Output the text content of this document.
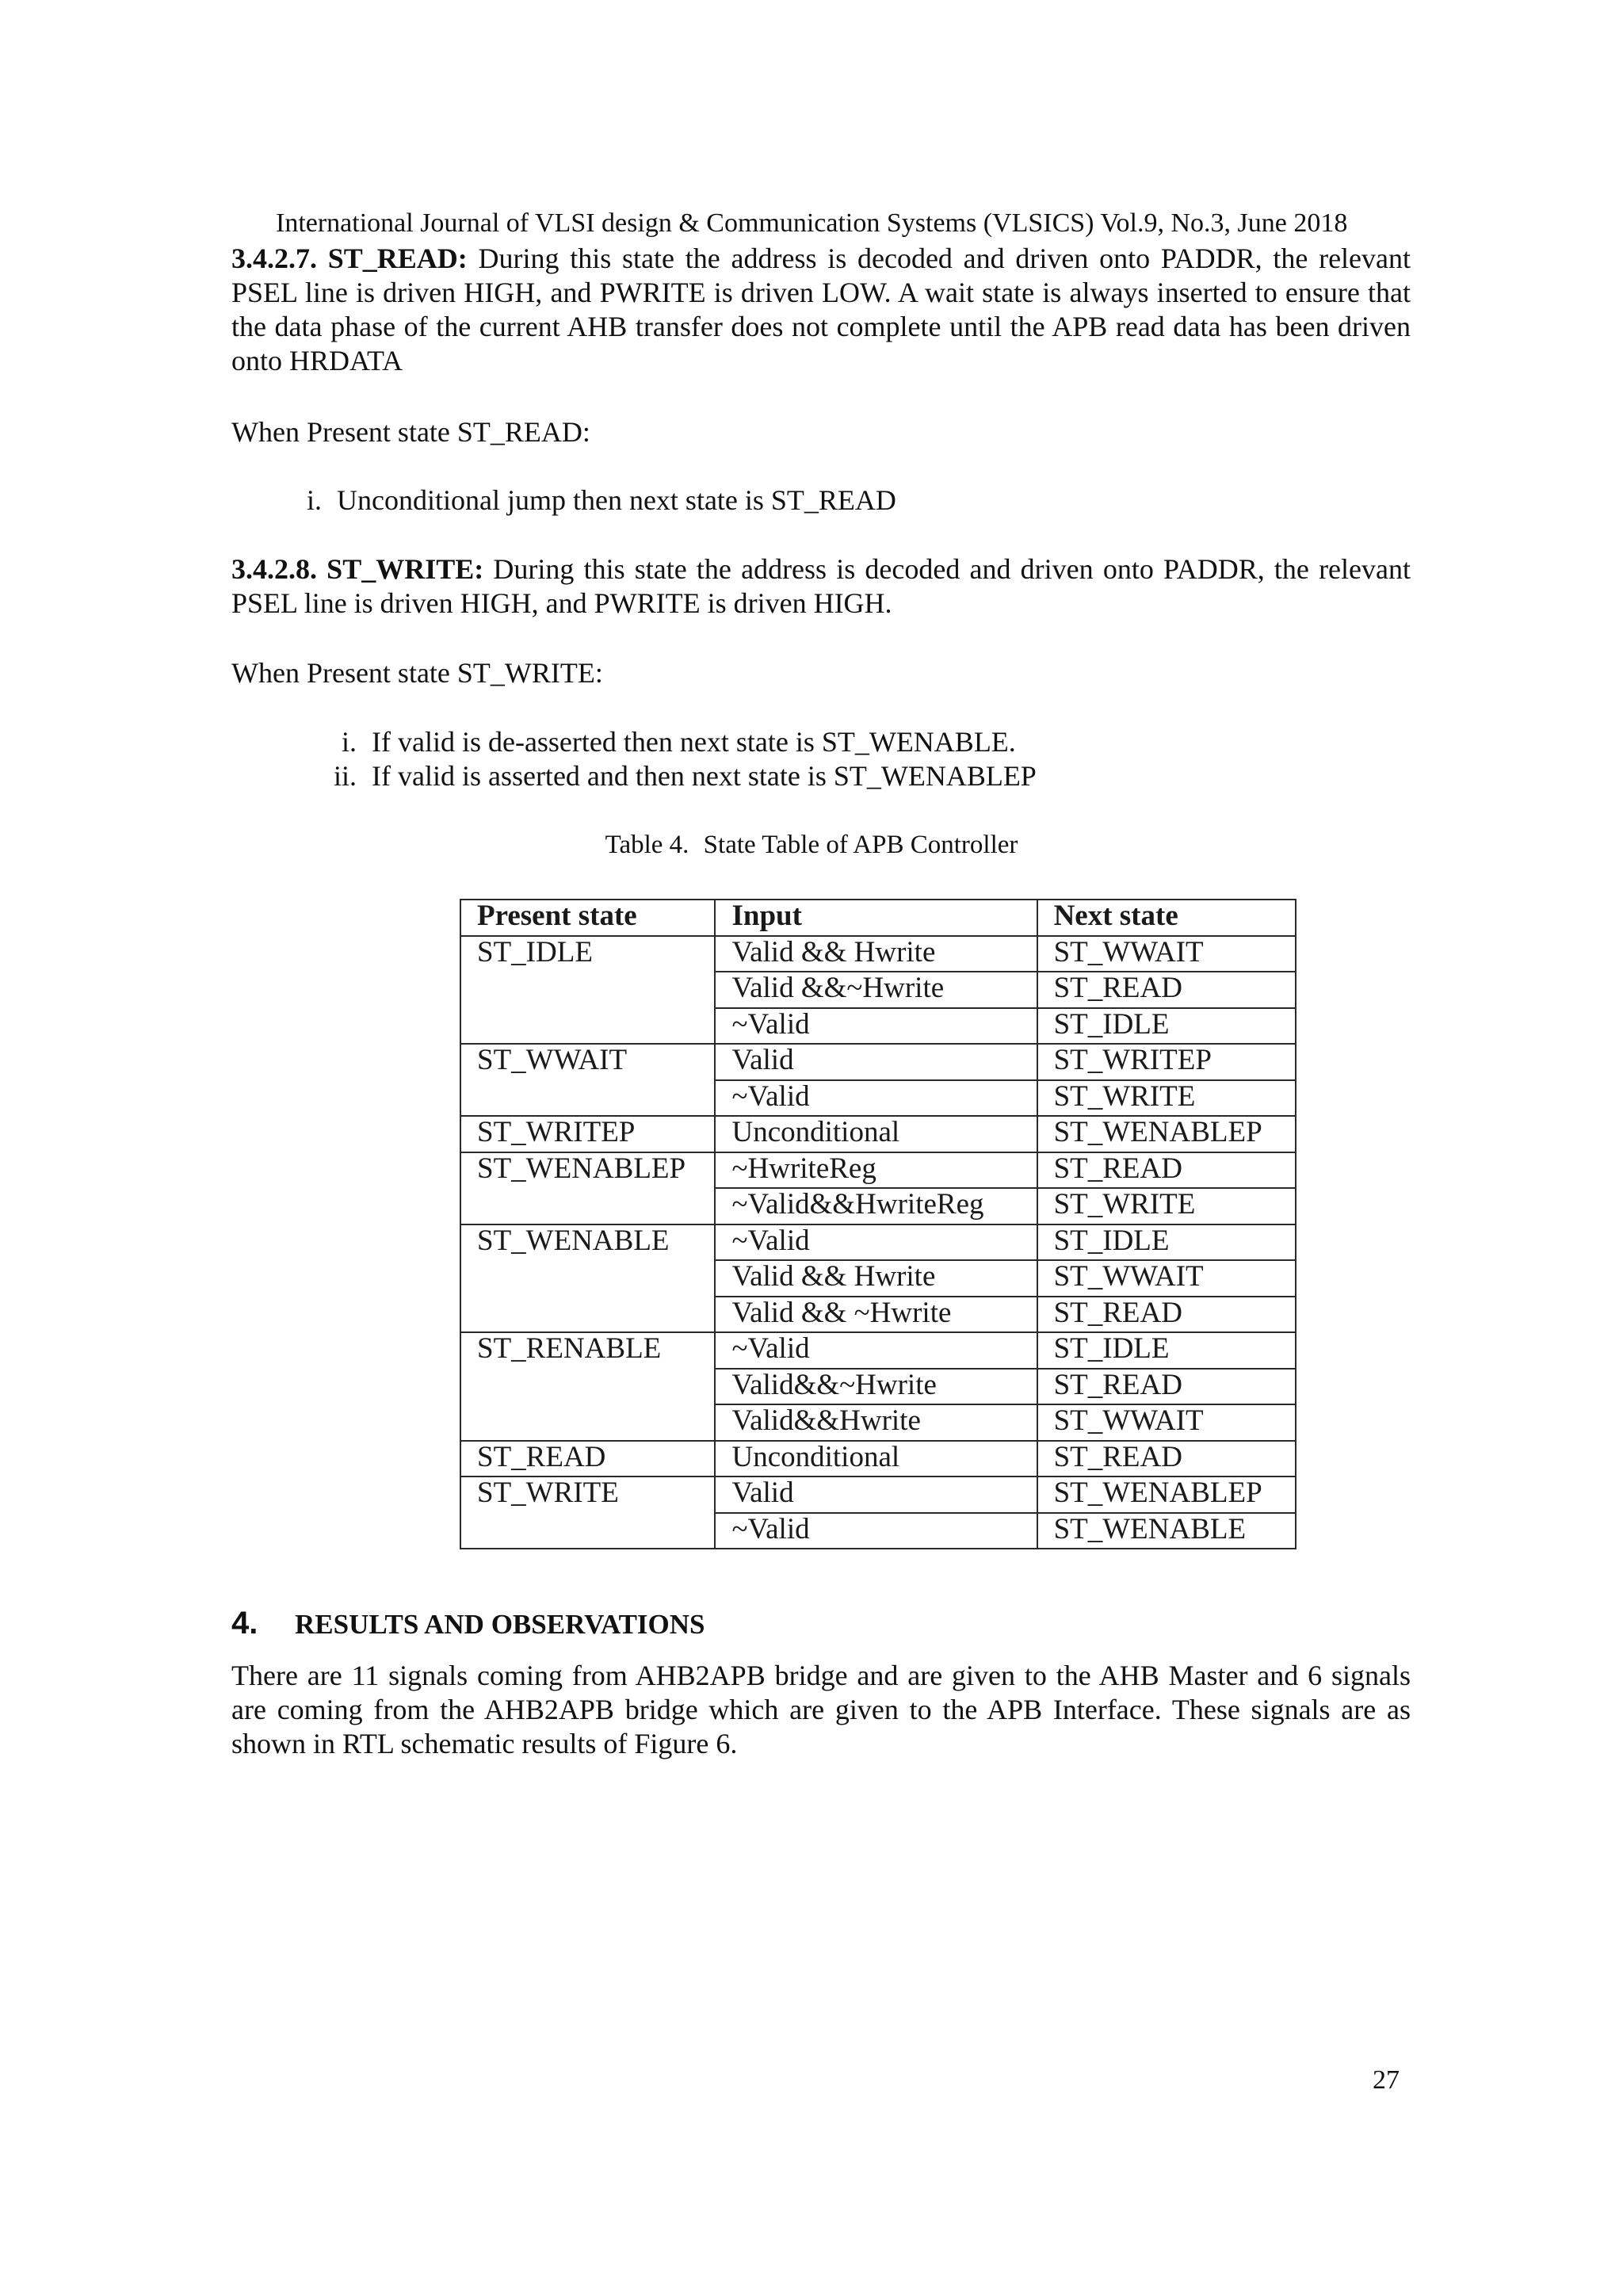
International Journal of VLSI design & Communication Systems (VLSICS) Vol.9, No.3, June 2018
3.4.2.7. ST_READ: During this state the address is decoded and driven onto PADDR, the relevant PSEL line is driven HIGH, and PWRITE is driven LOW. A wait state is always inserted to ensure that the data phase of the current AHB transfer does not complete until the APB read data has been driven onto HRDATA
When Present state ST_READ:
i. Unconditional jump then next state is ST_READ
3.4.2.8. ST_WRITE: During this state the address is decoded and driven onto PADDR, the relevant PSEL line is driven HIGH, and PWRITE is driven HIGH.
When Present state ST_WRITE:
i. If valid is de-asserted then next state is ST_WENABLE.
ii. If valid is asserted and then next state is ST_WENABLEP
Table 4. State Table of APB Controller
Present state	Input	Next state
ST_IDLE	Valid && Hwrite	ST_WWAIT
	Valid &&~Hwrite	ST_READ
	~Valid	ST_IDLE
ST_WWAIT	Valid	ST_WRITEP
	~Valid	ST_WRITE
ST_WRITEP	Unconditional	ST_WENABLEP
ST_WENABLEP	~HwriteReg	ST_READ
	~Valid&&HwriteReg	ST_WRITE
ST_WENABLE	~Valid	ST_IDLE
	Valid && Hwrite	ST_WWAIT
	Valid && ~Hwrite	ST_READ
ST_RENABLE	~Valid	ST_IDLE
	Valid&&~Hwrite	ST_READ
	Valid&&Hwrite	ST_WWAIT
ST_READ	Unconditional	ST_READ
ST_WRITE	Valid	ST_WENABLEP
	~Valid	ST_WENABLE
4. RESULTS AND OBSERVATIONS
There are 11 signals coming from AHB2APB bridge and are given to the AHB Master and 6 signals are coming from the AHB2APB bridge which are given to the APB Interface. These signals are as shown in RTL schematic results of Figure 6.
27
